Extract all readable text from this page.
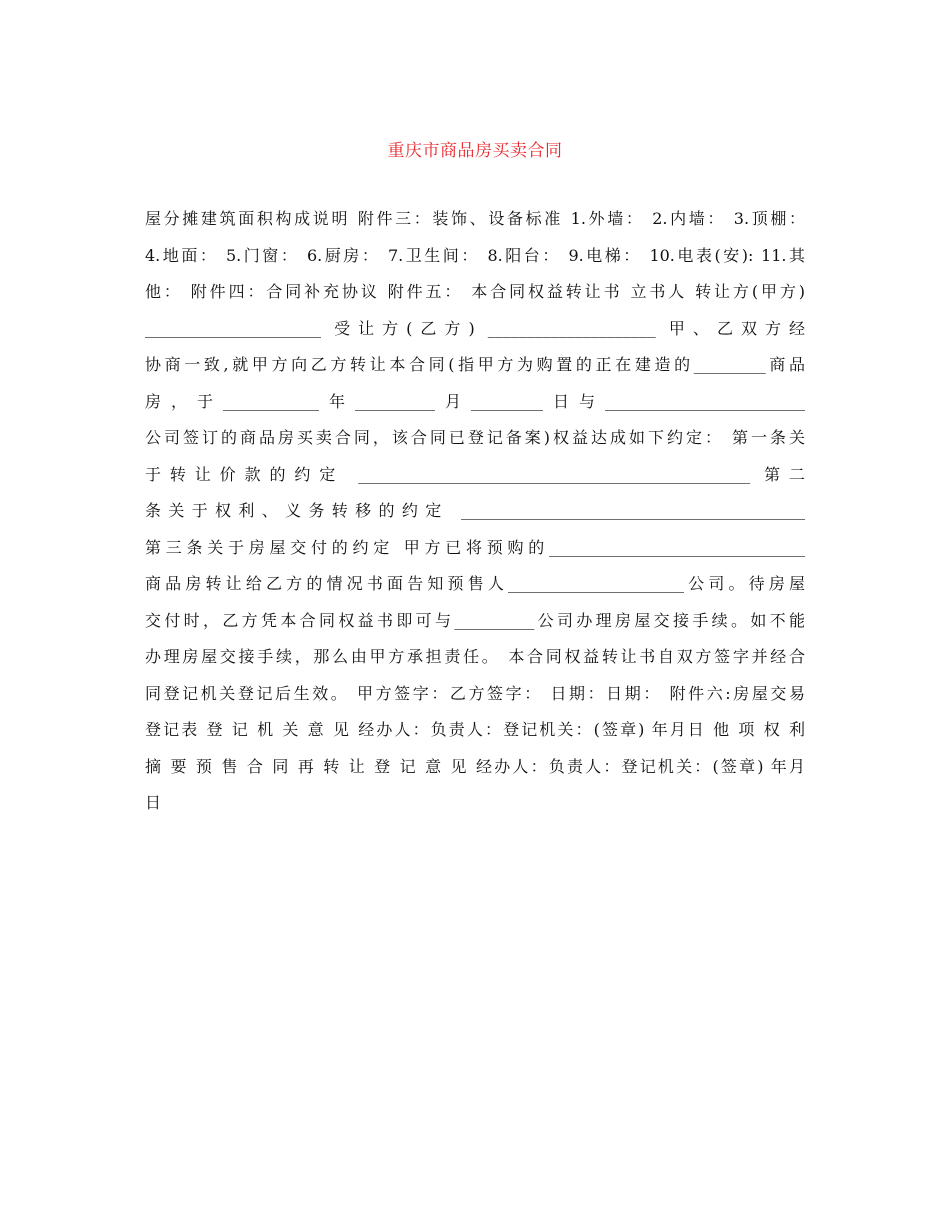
重庆市商品房买卖合同
屋分摊建筑面积构成说明 附件三：装饰、设备标准 1.外墙： 2.内墙： 3.顶棚：
4.地面： 5.门窗： 6.厨房： 7.卫生间： 8.阳台： 9.电梯： 10.电表(安): 11.其
他： 附件四：合同补充协议 附件五： 本合同权益转让书 立书人 转让方(甲方)
______________________ 受让方(乙方) _____________________ 甲、乙双方经
协商一致,就甲方向乙方转让本合同(指甲方为购置的正在建造的_________商品
房，于____________年__________月_________日与_________________________
公司签订的商品房买卖合同，该合同已登记备案)权益达成如下约定： 第一条关
于转让价款的约定 _________________________________________________ 第二
条关于权利、义务转移的约定 ___________________________________________
第三条关于房屋交付的约定 甲方已将预购的________________________________
商品房转让给乙方的情况书面告知预售人______________________公司。待房屋
交付时，乙方凭本合同权益书即可与__________公司办理房屋交接手续。如不能
办理房屋交接手续，那么由甲方承担责任。 本合同权益转让书自双方签字并经合
同登记机关登记后生效。 甲方签字：乙方签字： 日期：日期： 附件六:房屋交易
登记表 登 记 机 关 意 见 经办人：负责人：登记机关：(签章) 年月日 他 项 权 利
摘 要 预 售 合 同 再 转 让 登 记 意 见 经办人：负责人：登记机关：(签章) 年月
日
